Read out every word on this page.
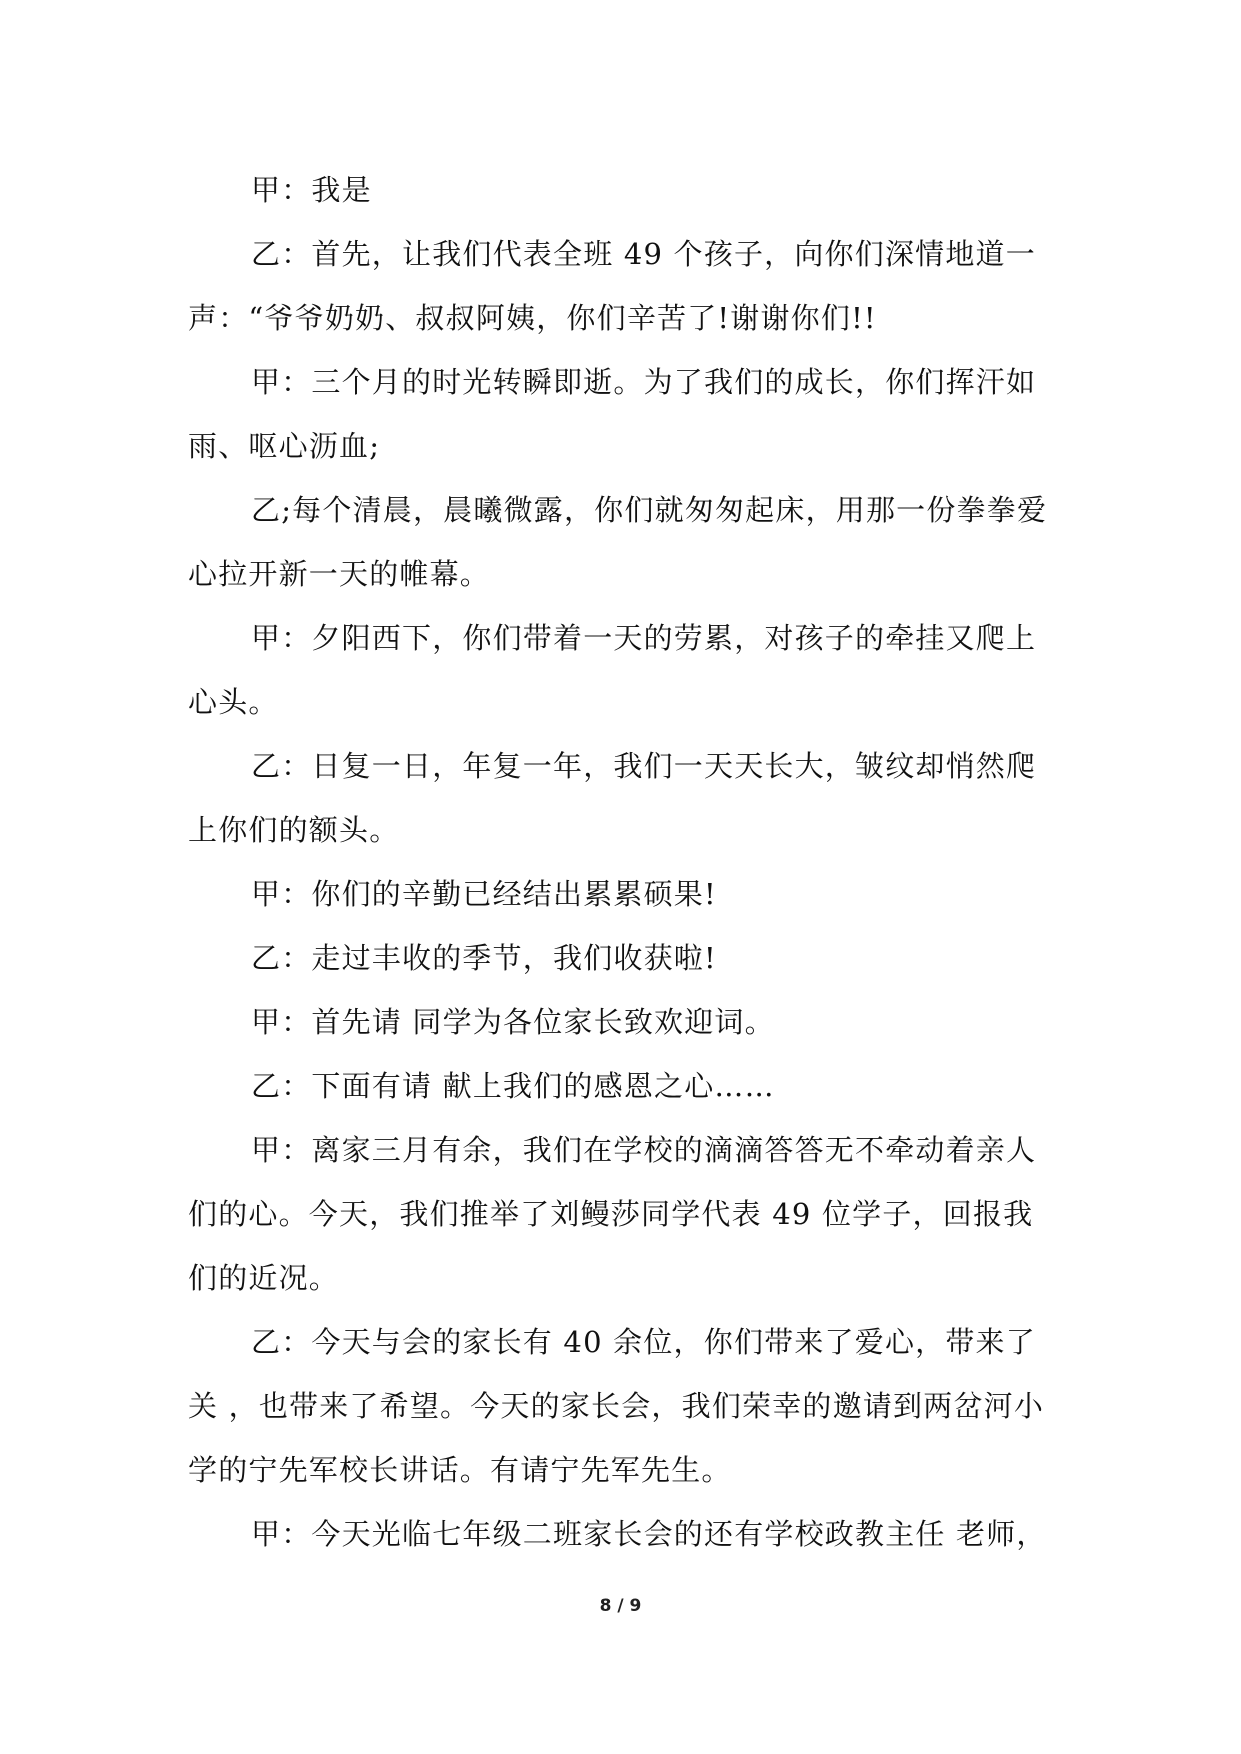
甲：我是

乙：首先，让我们代表全班 49 个孩子，向你们深情地道一声：“爷爷奶奶、叔叔阿姨，你们辛苦了!谢谢你们!!

甲：三个月的时光转瞬即逝。为了我们的成长，你们挥汗如雨、呕心沥血;

乙;每个清晨，晨曦微露，你们就匆匆起床，用那一份拳拳爱心拉开新一天的帷幕。

甲：夕阳西下，你们带着一天的劳累，对孩子的牵挂又爬上心头。

乙：日复一日，年复一年，我们一天天长大，皱纹却悄然爬上你们的额头。

甲：你们的辛勤已经结出累累硕果!

乙：走过丰收的季节，我们收获啦!

甲：首先请 同学为各位家长致欢迎词。

乙：下面有请 献上我们的感恩之心……

甲：离家三月有余，我们在学校的滴滴答答无不牵动着亲人们的心。今天，我们推举了刘鳗莎同学代表 49 位学子，回报我们的近况。

乙：今天与会的家长有 40 余位，你们带来了爱心，带来了关 ，也带来了希望。今天的家长会，我们荣幸的邀请到两岔河小学的宁先军校长讲话。有请宁先军先生。

甲：今天光临七年级二班家长会的还有学校政教主任 老师，

8 / 9
